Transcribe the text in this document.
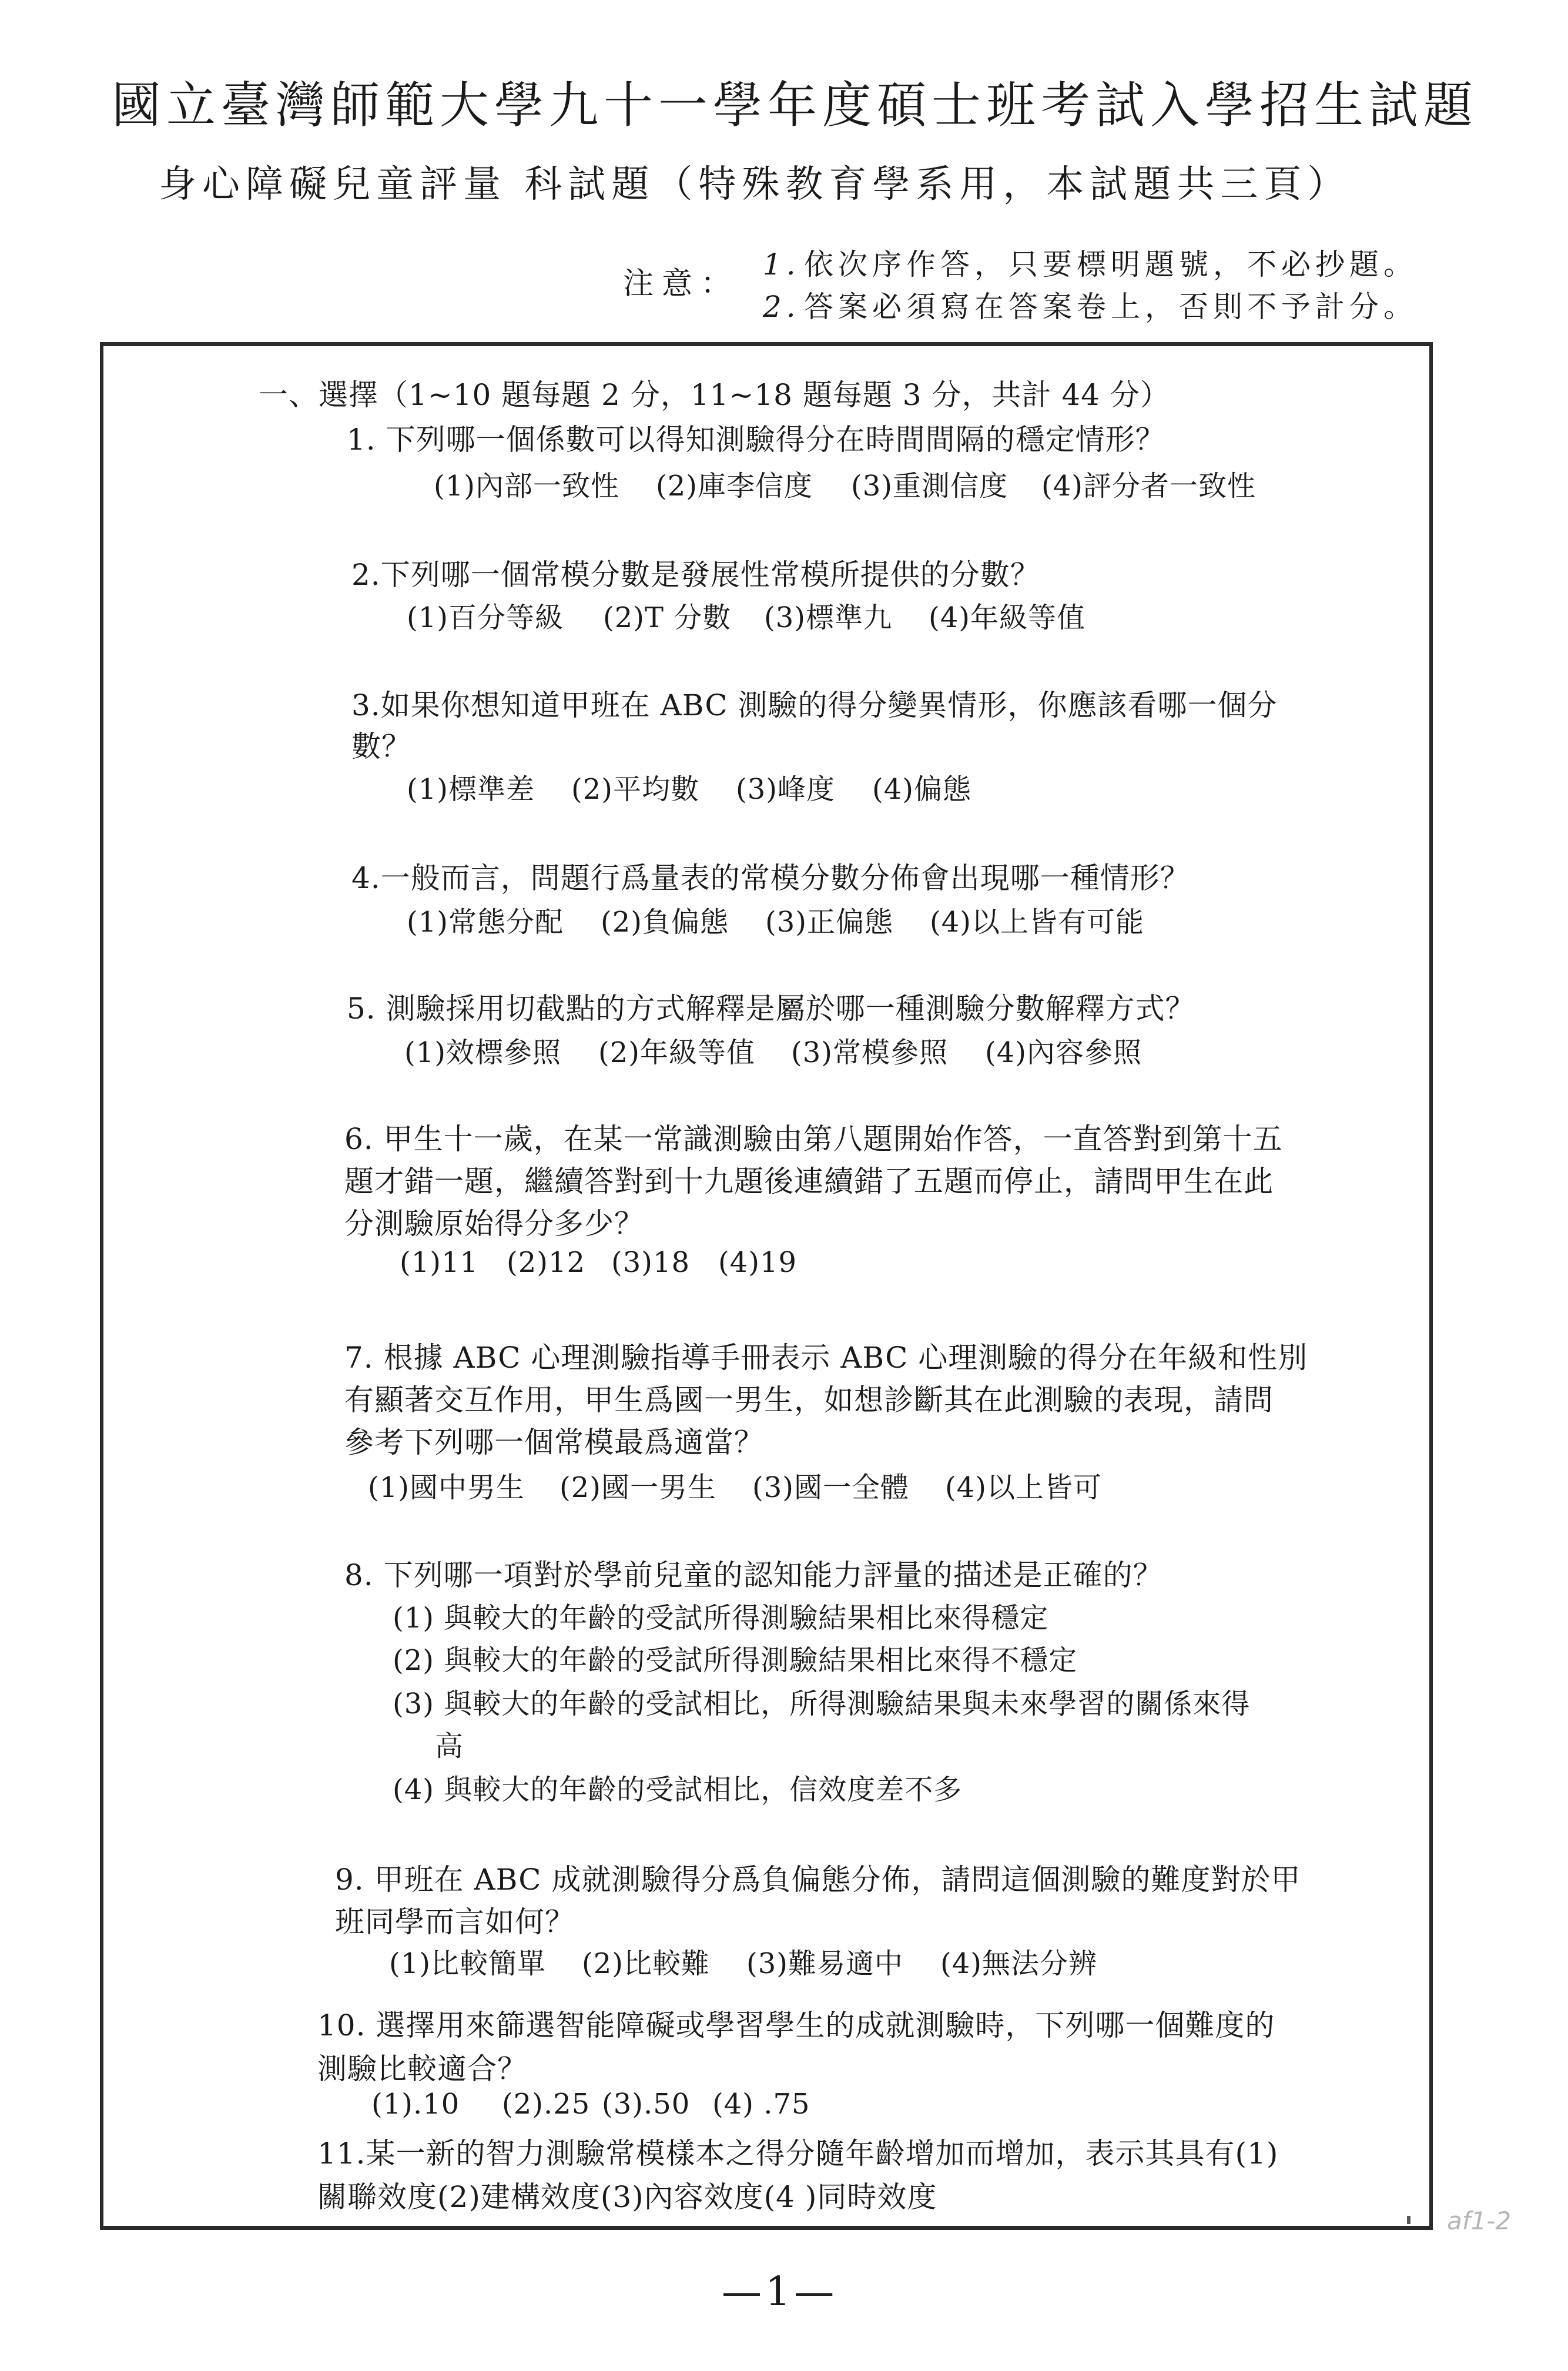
國立臺灣師範大學九十一學年度碩士班考試入學招生試題
身心障礙兒童評量 科試題（特殊教育學系用，本試題共三頁）
注意：
1. 依次序作答，只要標明題號，不必抄題。
2. 答案必須寫在答案卷上，否則不予計分。
一、選擇（1~10 題每題 2 分，11~18 題每題 3 分，共計 44 分）
1. 下列哪一個係數可以得知測驗得分在時間間隔的穩定情形？
(1)內部一致性 (2)庫李信度 (3)重測信度 (4)評分者一致性
2.下列哪一個常模分數是發展性常模所提供的分數？
(1)百分等級 (2)T 分數 (3)標準九 (4)年級等值
3.如果你想知道甲班在 ABC 測驗的得分變異情形，你應該看哪一個分
數？
(1)標準差 (2)平均數 (3)峰度 (4)偏態
4.一般而言，問題行爲量表的常模分數分佈會出現哪一種情形？
(1)常態分配 (2)負偏態 (3)正偏態 (4)以上皆有可能
5. 測驗採用切截點的方式解釋是屬於哪一種測驗分數解釋方式？
(1)效標參照 (2)年級等值 (3)常模參照 (4)內容參照
6. 甲生十一歲，在某一常識測驗由第八題開始作答，一直答對到第十五
題才錯一題，繼續答對到十九題後連續錯了五題而停止，請問甲生在此
分測驗原始得分多少？
(1)11 (2)12 (3)18 (4)19
7. 根據 ABC 心理測驗指導手冊表示 ABC 心理測驗的得分在年級和性別
有顯著交互作用，甲生爲國一男生，如想診斷其在此測驗的表現，請問
參考下列哪一個常模最爲適當？
(1)國中男生 (2)國一男生 (3)國一全體 (4)以上皆可
8. 下列哪一項對於學前兒童的認知能力評量的描述是正確的？
(1) 與較大的年齡的受試所得測驗結果相比來得穩定
(2) 與較大的年齡的受試所得測驗結果相比來得不穩定
(3) 與較大的年齡的受試相比，所得測驗結果與未來學習的關係來得
高
(4) 與較大的年齡的受試相比，信效度差不多
9. 甲班在 ABC 成就測驗得分爲負偏態分佈，請問這個測驗的難度對於甲
班同學而言如何？
(1)比較簡單 (2)比較難 (3)難易適中 (4)無法分辨
10. 選擇用來篩選智能障礙或學習學生的成就測驗時，下列哪一個難度的
測驗比較適合？
(1).10 (2).25 (3).50 (4) .75
11.某一新的智力測驗常模樣本之得分隨年齡增加而增加，表示其具有(1)
關聯效度(2)建構效度(3)內容效度(4 )同時效度
af1-2
—1—
